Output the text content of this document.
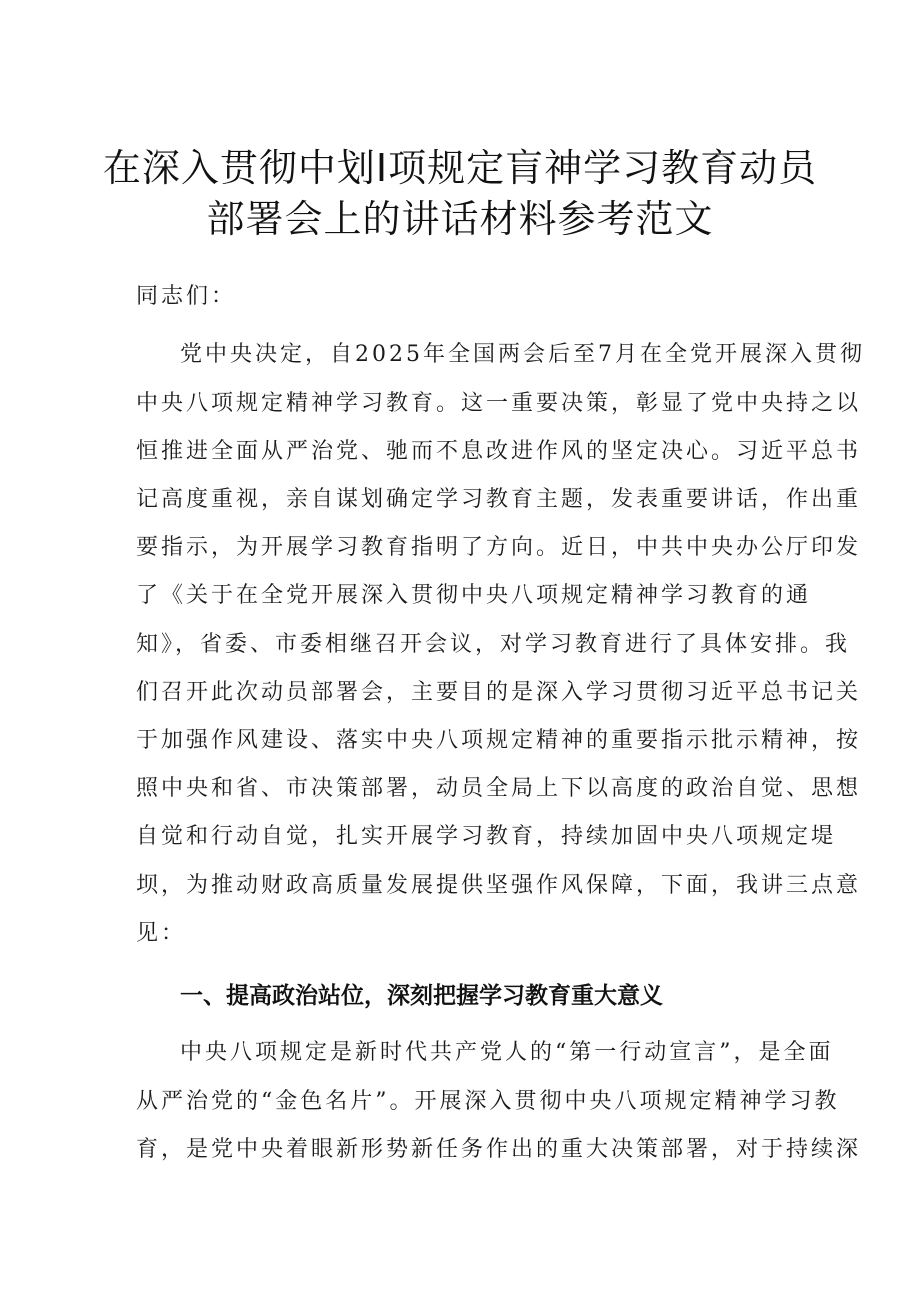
在深入贯彻中划I项规定肓神学习教育动员
部署会上的讲话材料参考范文
同志们：
党中央决定，自2025年全国两会后至7月在全党开展深入贯彻
中央八项规定精神学习教育。这一重要决策，彰显了党中央持之以
恒推进全面从严治党、驰而不息改进作风的坚定决心。习近平总书
记高度重视，亲自谋划确定学习教育主题，发表重要讲话，作出重
要指示，为开展学习教育指明了方向。近日，中共中央办公厅印发
了《关于在全党开展深入贯彻中央八项规定精神学习教育的通
知》，省委、市委相继召开会议，对学习教育进行了具体安排。我
们召开此次动员部署会，主要目的是深入学习贯彻习近平总书记关
于加强作风建设、落实中央八项规定精神的重要指示批示精神，按
照中央和省、市决策部署，动员全局上下以高度的政治自觉、思想
自觉和行动自觉，扎实开展学习教育，持续加固中央八项规定堤
坝，为推动财政高质量发展提供坚强作风保障，下面，我讲三点意
见：
一、提高政治站位，深刻把握学习教育重大意义
中央八项规定是新时代共产党人的“第一行动宣言”，是全面
从严治党的“金色名片”。开展深入贯彻中央八项规定精神学习教
育，是党中央着眼新形势新任务作出的重大决策部署，对于持续深
